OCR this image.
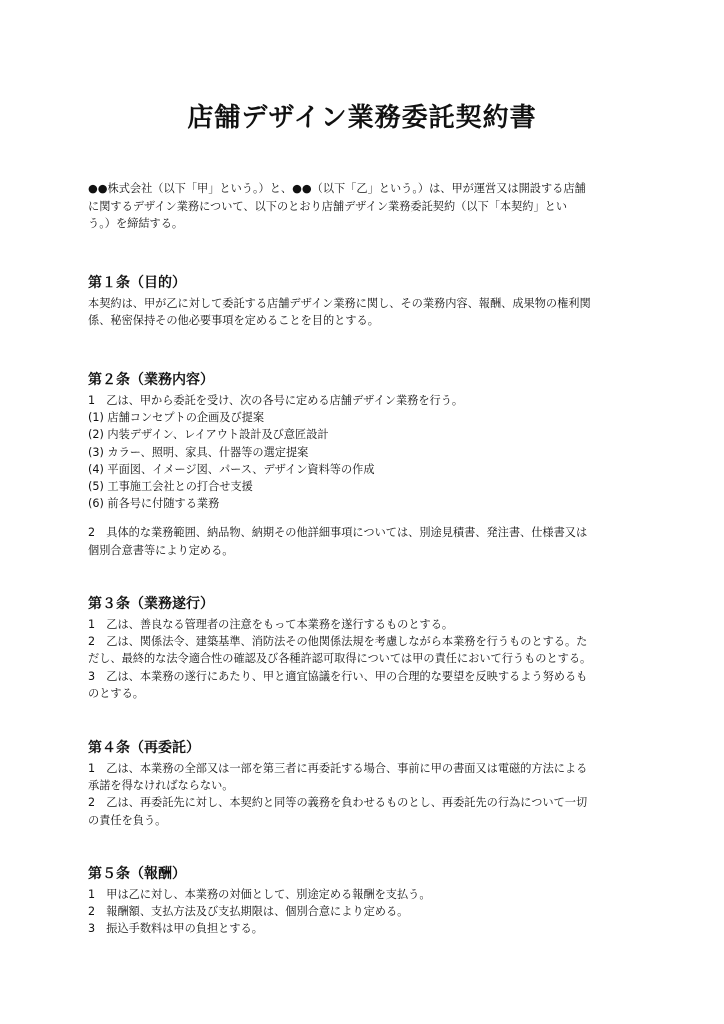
店舗デザイン業務委託契約書

●●株式会社（以下「甲」という。）と、●●（以下「乙」という。）は、甲が運営又は開設する店舗

に関するデザイン業務について、以下のとおり店舗デザイン業務委託契約（以下「本契約」とい

う。）を締結する。

第１条（目的）

本契約は、甲が乙に対して委託する店舗デザイン業務に関し、その業務内容、報酬、成果物の権利関

係、秘密保持その他必要事項を定めることを目的とする。

第２条（業務内容）

1　乙は、甲から委託を受け、次の各号に定める店舗デザイン業務を行う。

(1) 店舗コンセプトの企画及び提案

(2) 内装デザイン、レイアウト設計及び意匠設計

(3) カラー、照明、家具、什器等の選定提案

(4) 平面図、イメージ図、パース、デザイン資料等の作成

(5) 工事施工会社との打合せ支援

(6) 前各号に付随する業務

2　具体的な業務範囲、納品物、納期その他詳細事項については、別途見積書、発注書、仕様書又は

個別合意書等により定める。

第３条（業務遂行）

1　乙は、善良なる管理者の注意をもって本業務を遂行するものとする。

2　乙は、関係法令、建築基準、消防法その他関係法規を考慮しながら本業務を行うものとする。た

だし、最終的な法令適合性の確認及び各種許認可取得については甲の責任において行うものとする。

3　乙は、本業務の遂行にあたり、甲と適宜協議を行い、甲の合理的な要望を反映するよう努めるも

のとする。

第４条（再委託）

1　乙は、本業務の全部又は一部を第三者に再委託する場合、事前に甲の書面又は電磁的方法による

承諾を得なければならない。

2　乙は、再委託先に対し、本契約と同等の義務を負わせるものとし、再委託先の行為について一切

の責任を負う。

第５条（報酬）

1　甲は乙に対し、本業務の対価として、別途定める報酬を支払う。

2　報酬額、支払方法及び支払期限は、個別合意により定める。

3　振込手数料は甲の負担とする。
